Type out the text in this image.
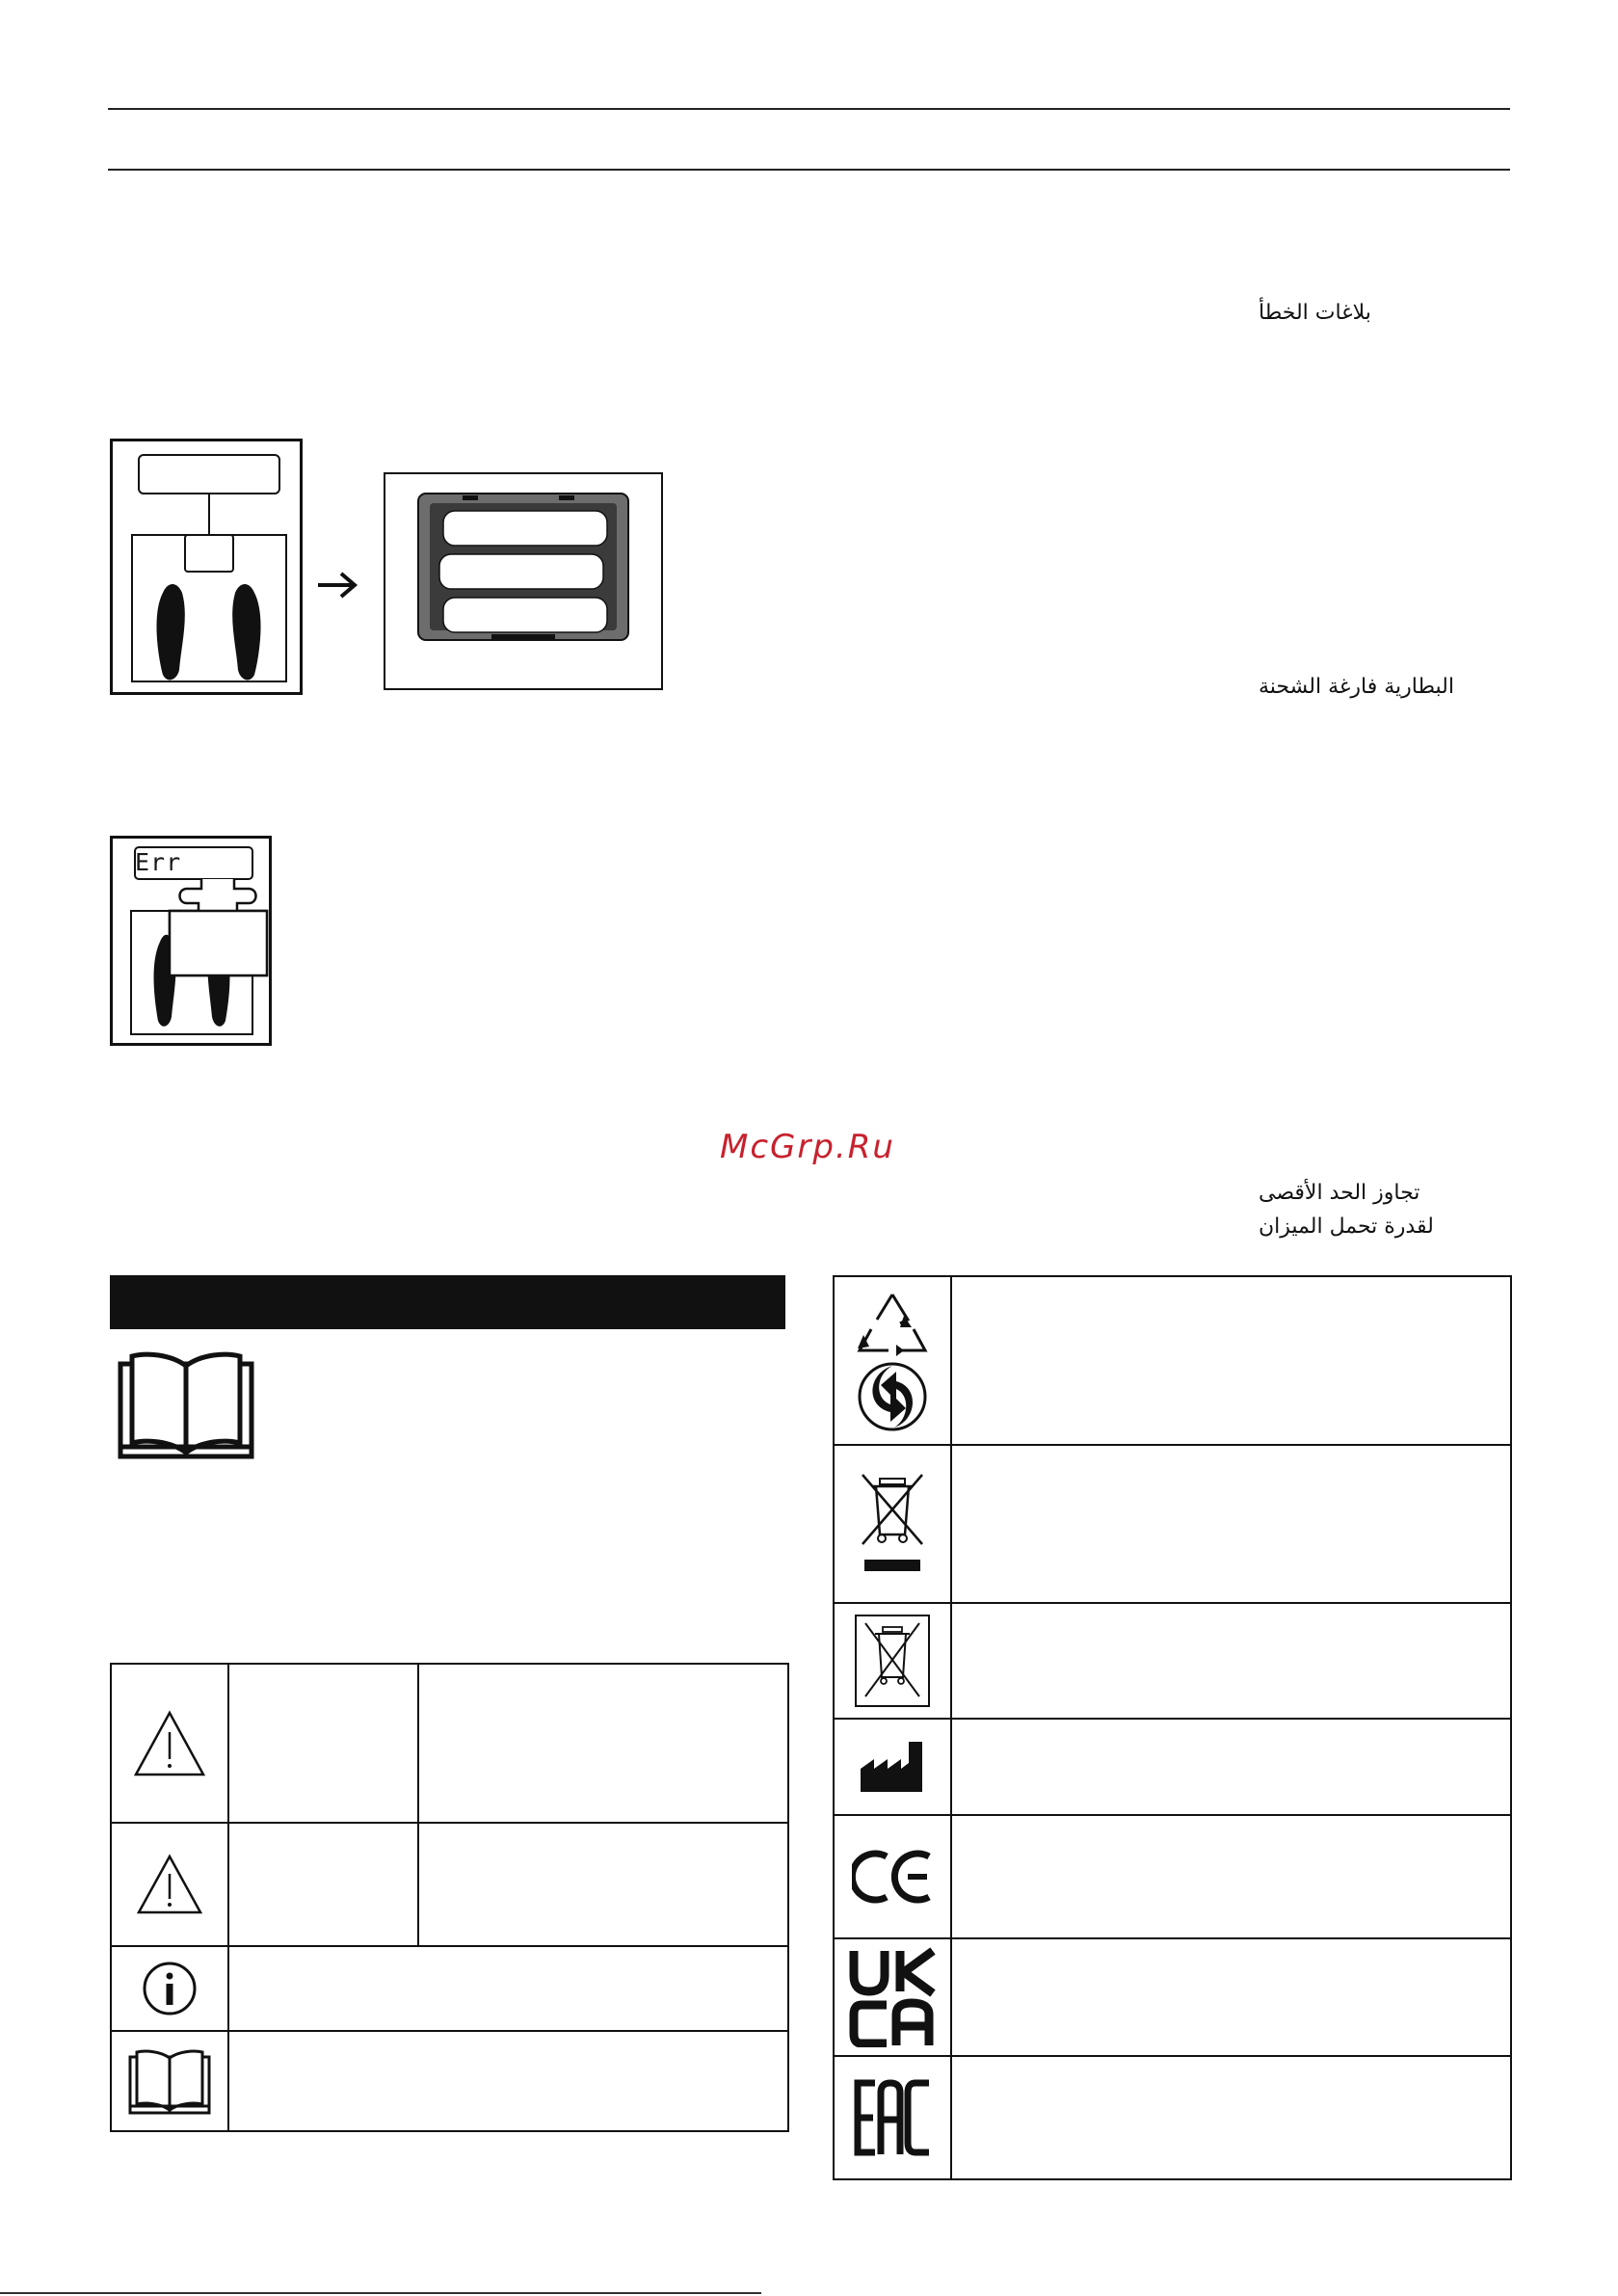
بلاغات الخطأ
البطارية فارغة الشحنة
تجاوز الحد الأقصى
لقدرة تحمل الميزان
Err
McGrp.Ru
